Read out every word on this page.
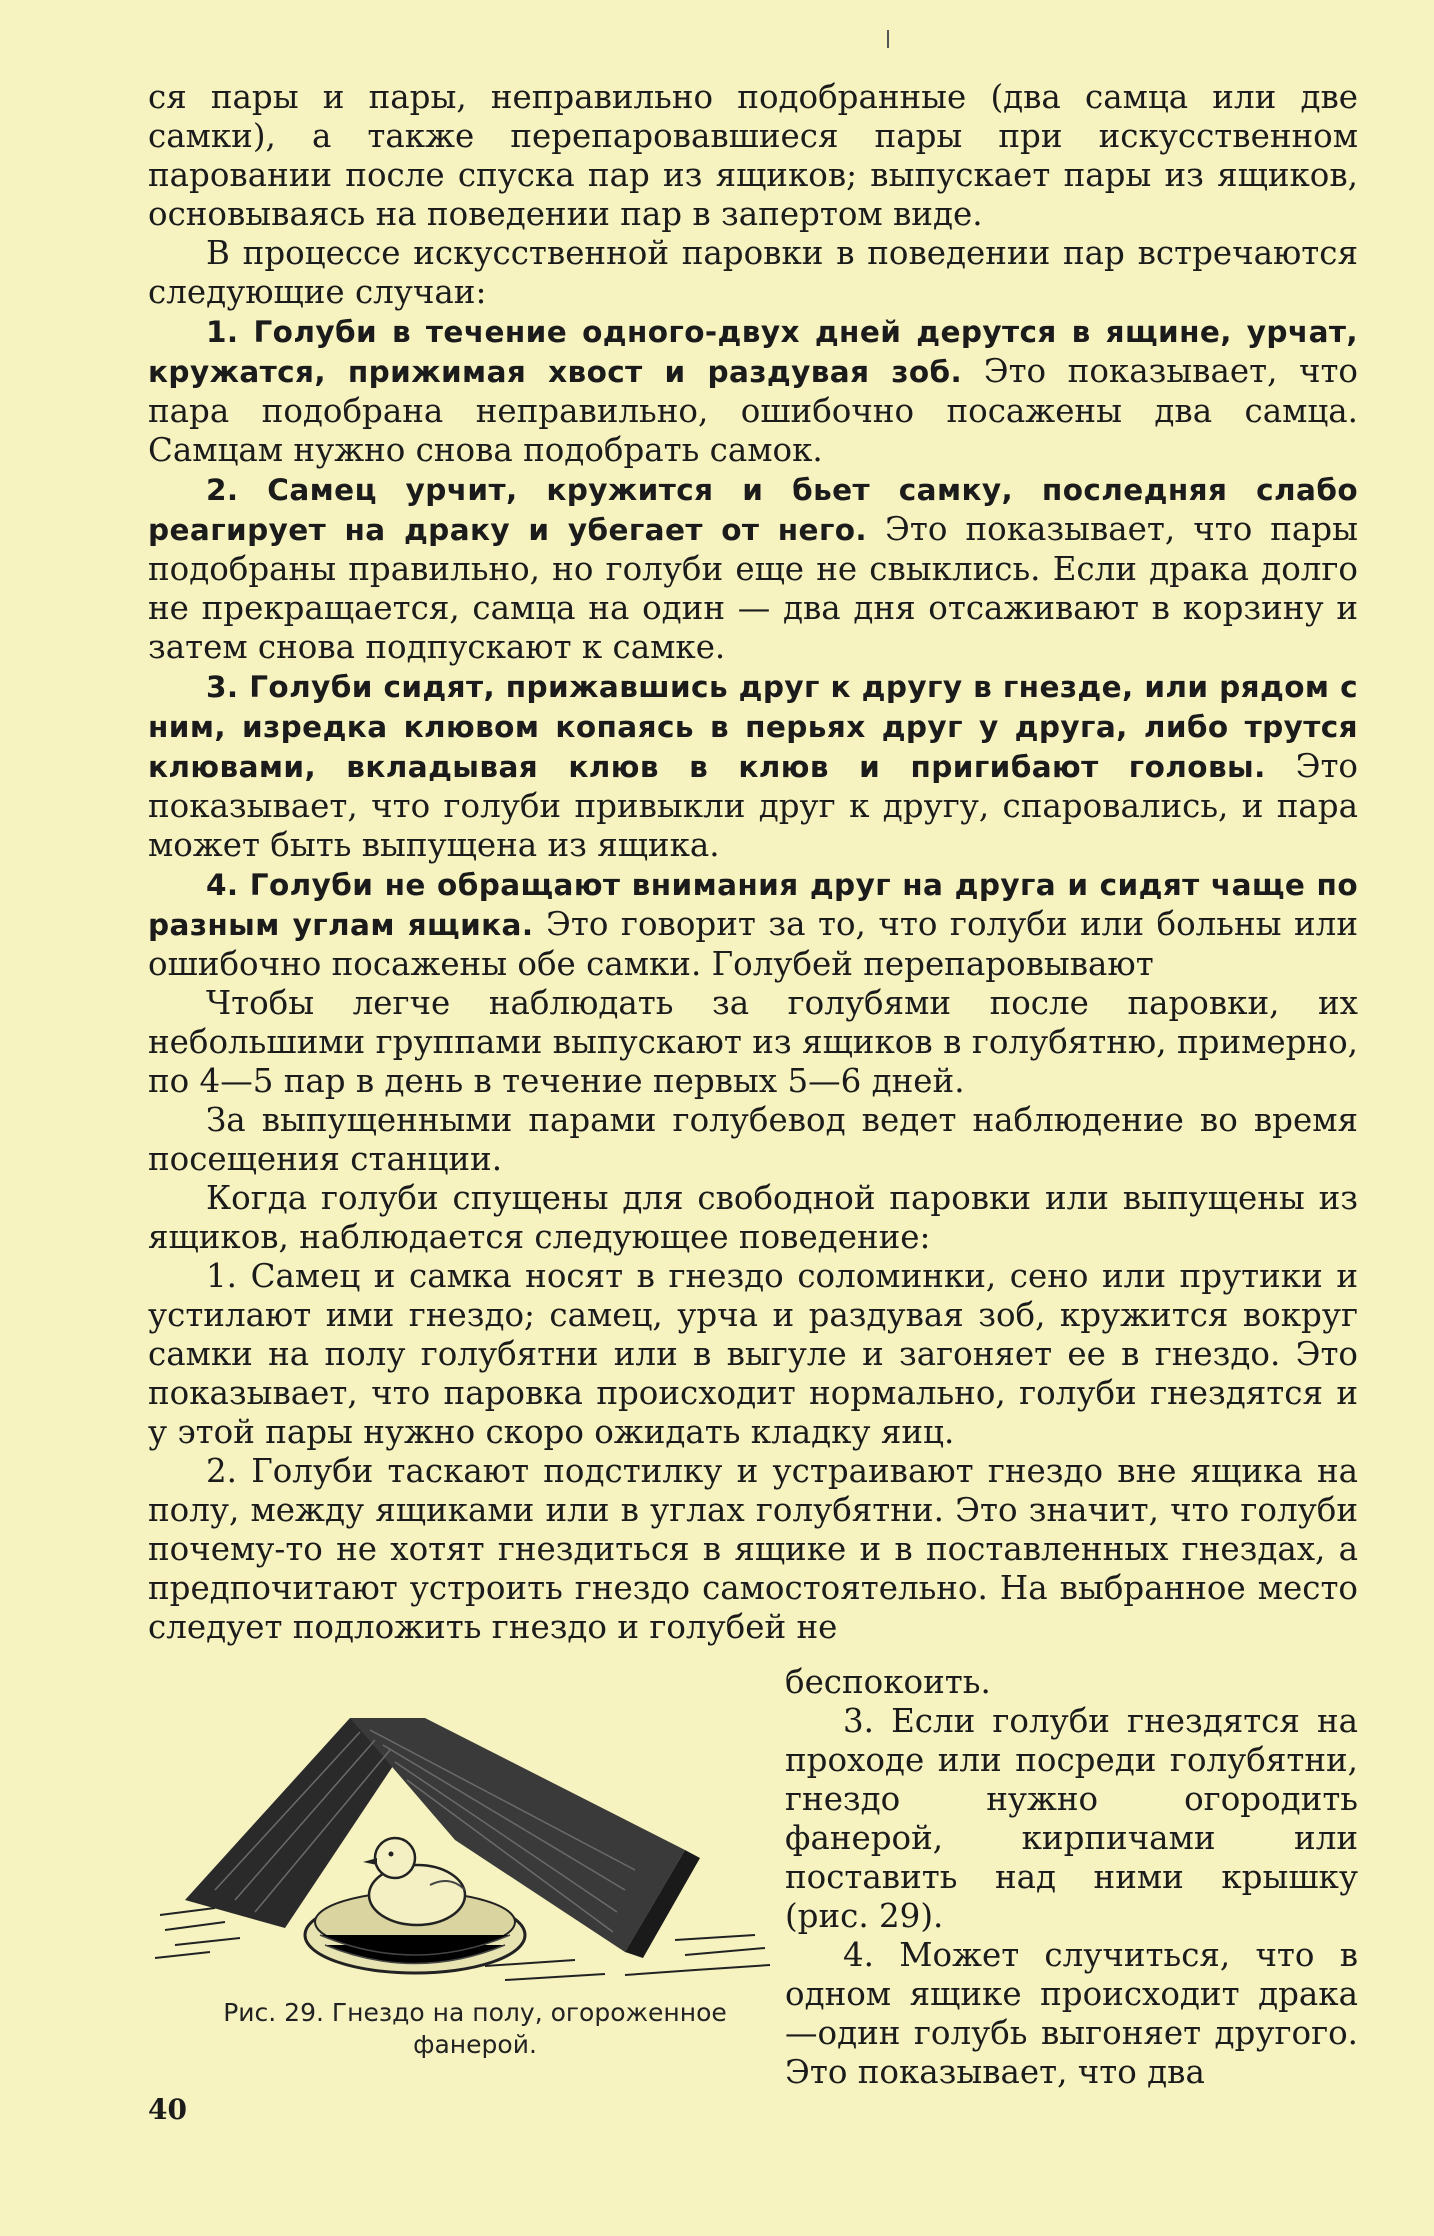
ся пары и пары, неправильно подобранные (два самца или две самки), а также перепаровавшиеся пары при искусственном паровании после спуска пар из ящиков; выпускает пары из ящиков, основываясь на поведении пар в запертом виде.

В процессе искусственной паровки в поведении пар встречаются следующие случаи:

1. Голуби в течение одного-двух дней дерутся в ящине, урчат, кружатся, прижимая хвост и раздувая зоб. Это показывает, что пара подобрана неправильно, ошибочно посажены два самца. Самцам нужно снова подобрать самок.

2. Самец урчит, кружится и бьет самку, последняя слабо реагирует на драку и убегает от него. Это показывает, что пары подобраны правильно, но голуби еще не свыклись. Если драка долго не прекращается, самца на один — два дня отсаживают в корзину и затем снова подпускают к самке.

3. Голуби сидят, прижавшись друг к другу в гнезде, или рядом с ним, изредка клювом копаясь в перьях друг у друга, либо трутся клювами, вкладывая клюв в клюв и пригибают головы. Это показывает, что голуби привыкли друг к другу, спаровались, и пара может быть выпущена из ящика.

4. Голуби не обращают внимания друг на друга и сидят чаще по разным углам ящика. Это говорит за то, что голуби или больны или ошибочно посажены обе самки. Голубей перепаровывают

Чтобы легче наблюдать за голубями после паровки, их небольшими группами выпускают из ящиков в голубятню, примерно, по 4—5 пар в день в течение первых 5—6 дней.

За выпущенными парами голубевод ведет наблюдение во время посещения станции.

Когда голуби спущены для свободной паровки или выпущены из ящиков, наблюдается следующее поведение:

1. Самец и самка носят в гнездо соломинки, сено или прутики и устилают ими гнездо; самец, урча и раздувая зоб, кружится вокруг самки на полу голубятни или в выгуле и загоняет ее в гнездо. Это показывает, что паровка происходит нормально, голуби гнездятся и у этой пары нужно скоро ожидать кладку яиц.

2. Голуби таскают подстилку и устраивают гнездо вне ящика на полу, между ящиками или в углах голубятни. Это значит, что голуби почему-то не хотят гнездиться в ящике и в поставленных гнездах, а предпочитают устроить гнездо самостоятельно. На выбранное место следует подложить гнездо и голубей не

беспокоить.

3. Если голуби гнездятся на проходе или посреди голубятни, гнездо нужно огородить фанерой, кирпичами или поставить над ними крышку (рис. 29).

4. Может случиться, что в одном ящике происходит драка—один голубь выгоняет другого. Это показывает, что два

Рис. 29. Гнездо на полу, огороженное фанерой.
40
